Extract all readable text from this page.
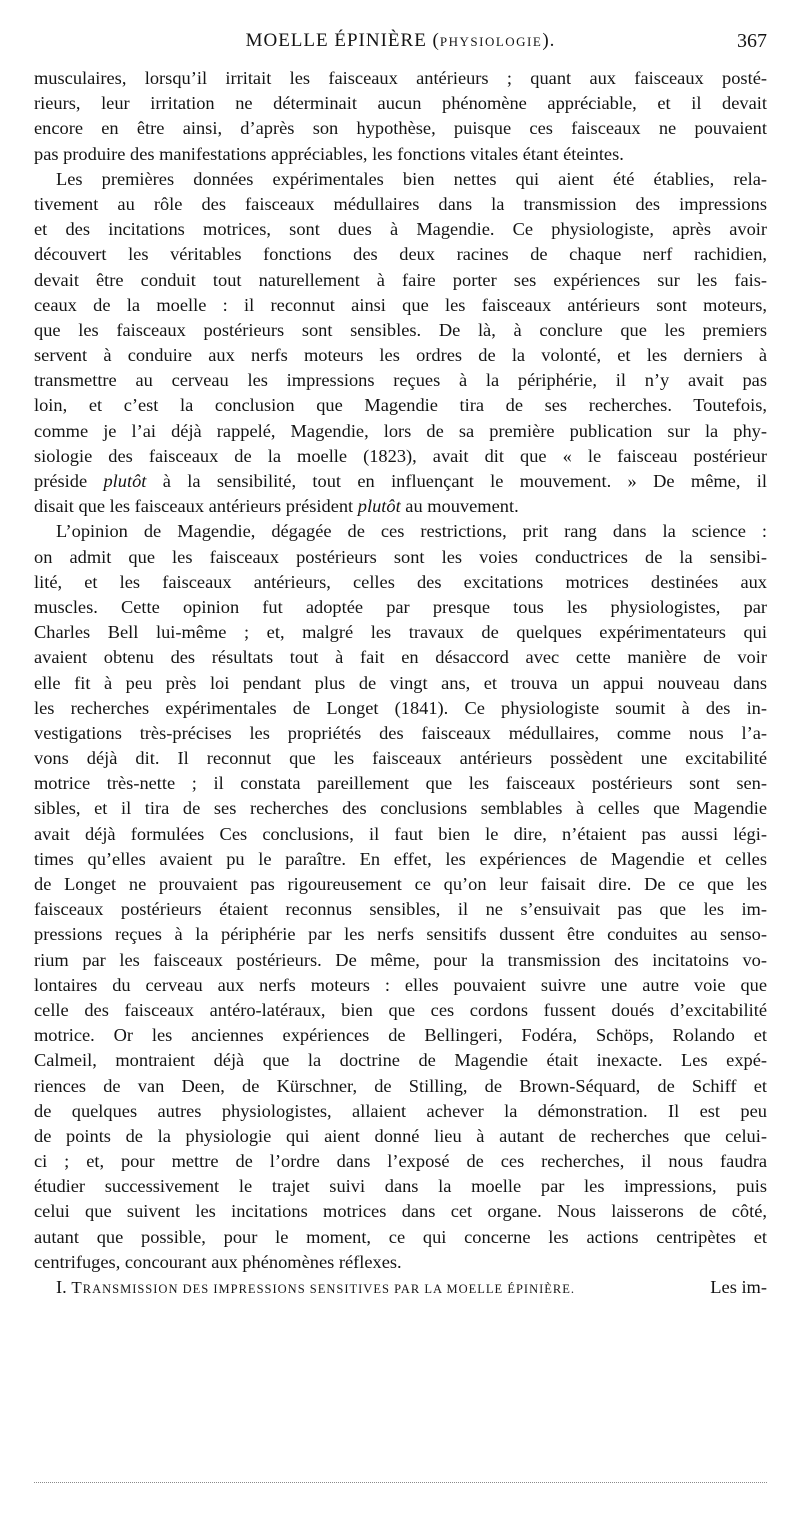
MOELLE ÉPINIÈRE (PHYSIOLOGIE).	367
musculaires, lorsqu’il irritait les faisceaux antérieurs ; quant aux faisceaux posté-
rieurs, leur irritation ne déterminait aucun phénomène appréciable, et il devait
encore en être ainsi, d’après son hypothèse, puisque ces faisceaux ne pouvaient
pas produire des manifestations appréciables, les fonctions vitales étant éteintes.
Les premières données expérimentales bien nettes qui aient été établies, rela-
tivement au rôle des faisceaux médullaires dans la transmission des impressions
et des incitations motrices, sont dues à Magendie. Ce physiologiste, après avoir
découvert les véritables fonctions des deux racines de chaque nerf rachidien,
devait être conduit tout naturellement à faire porter ses expériences sur les fais-
ceaux de la moelle : il reconnut ainsi que les faisceaux antérieurs sont moteurs,
que les faisceaux postérieurs sont sensibles. De là, à conclure que les premiers
servent à conduire aux nerfs moteurs les ordres de la volonté, et les derniers à
transmettre au cerveau les impressions reçues à la périphérie, il n’y avait pas
loin, et c’est la conclusion que Magendie tira de ses recherches. Toutefois,
comme je l’ai déjà rappelé, Magendie, lors de sa première publication sur la phy-
siologie des faisceaux de la moelle (1823), avait dit que « le faisceau postérieur
préside plutôt à la sensibilité, tout en influençant le mouvement. » De même, il
disait que les faisceaux antérieurs président plutôt au mouvement.
L’opinion de Magendie, dégagée de ces restrictions, prit rang dans la science :
on admit que les faisceaux postérieurs sont les voies conductrices de la sensibi-
lité, et les faisceaux antérieurs, celles des excitations motrices destinées aux
muscles. Cette opinion fut adoptée par presque tous les physiologistes, par
Charles Bell lui-même ; et, malgré les travaux de quelques expérimentateurs qui
avaient obtenu des résultats tout à fait en désaccord avec cette manière de voir
elle fit à peu près loi pendant plus de vingt ans, et trouva un appui nouveau dans
les recherches expérimentales de Longet (1841). Ce physiologiste soumit à des in-
vestigations très-précises les propriétés des faisceaux médullaires, comme nous l’a-
vons déjà dit. Il reconnut que les faisceaux antérieurs possèdent une excitabilité
motrice très-nette ; il constata pareillement que les faisceaux postérieurs sont sen-
sibles, et il tira de ses recherches des conclusions semblables à celles que Magendie
avait déjà formulées Ces conclusions, il faut bien le dire, n’étaient pas aussi légi-
times qu’elles avaient pu le paraître. En effet, les expériences de Magendie et celles
de Longet ne prouvaient pas rigoureusement ce qu’on leur faisait dire. De ce que les
faisceaux postérieurs étaient reconnus sensibles, il ne s’ensuivait pas que les im-
pressions reçues à la périphérie par les nerfs sensitifs dussent être conduites au senso-
rium par les faisceaux postérieurs. De même, pour la transmission des incitatoins vo-
lontaires du cerveau aux nerfs moteurs : elles pouvaient suivre une autre voie que
celle des faisceaux antéro-latéraux, bien que ces cordons fussent doués d’excitabilité
motrice. Or les anciennes expériences de Bellingeri, Fodéra, Schöps, Rolando et
Calmeil, montraient déjà que la doctrine de Magendie était inexacte. Les expé-
riences de van Deen, de Kürschner, de Stilling, de Brown-Séquard, de Schiff et
de quelques autres physiologistes, allaient achever la démonstration. Il est peu
de points de la physiologie qui aient donné lieu à autant de recherches que celui-
ci ; et, pour mettre de l’ordre dans l’exposé de ces recherches, il nous faudra
étudier successivement le trajet suivi dans la moelle par les impressions, puis
celui que suivent les incitations motrices dans cet organe. Nous laisserons de côté,
autant que possible, pour le moment, ce qui concerne les actions centripètes et
centrifuges, concourant aux phénomènes réflexes.
I. TRANSMISSION DES IMPRESSIONS SENSITIVES PAR LA MOELLE ÉPINIÈRE.	Les im-
